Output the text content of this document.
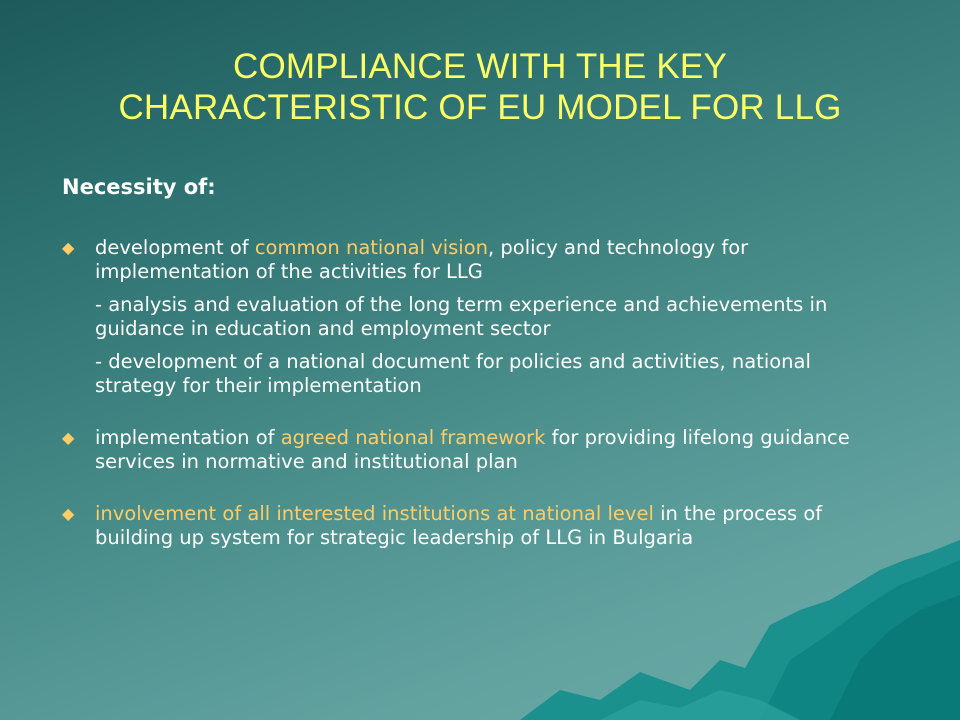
COMPLIANCE WITH THE KEY
CHARACTERISTIC OF EU MODEL FOR LLG
Necessity of:
◆ development of common national vision, policy and technology for implementation of the activities for LLG
- analysis and evaluation of the long term experience and achievements in guidance in education and employment sector
- development of a national document for policies and activities, national strategy for their implementation
◆ implementation of agreed national framework for providing lifelong guidance services in normative and institutional plan
◆ involvement of all interested institutions at national level in the process of building up system for strategic leadership of LLG in Bulgaria
